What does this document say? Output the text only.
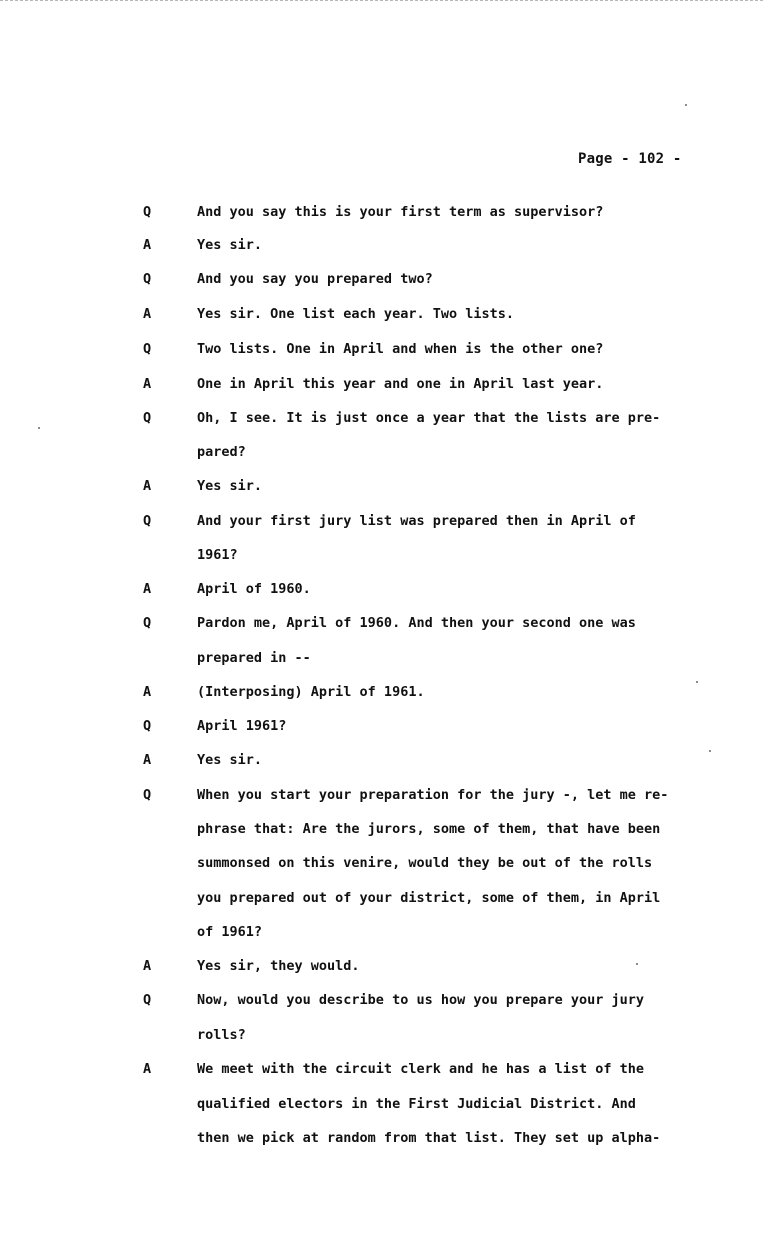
Page - 102 -
Q	And you say this is your first term as supervisor?
A	Yes sir.
Q	And you say you prepared two?
A	Yes sir. One list each year. Two lists.
Q	Two lists. One in April and when is the other one?
A	One in April this year and one in April last year.
Q	Oh, I see. It is just once a year that the lists are pre-
pared?
A	Yes sir.
Q	And your first jury list was prepared then in April of
1961?
A	April of 1960.
Q	Pardon me, April of 1960. And then your second one was
prepared in --
A	(Interposing) April of 1961.
Q	April 1961?
A	Yes sir.
Q	When you start your preparation for the jury -, let me re-
phrase that: Are the jurors, some of them, that have been
summonsed on this venire, would they be out of the rolls
you prepared out of your district, some of them, in April
of 1961?
A	Yes sir, they would.
Q	Now, would you describe to us how you prepare your jury
rolls?
A	We meet with the circuit clerk and he has a list of the
qualified electors in the First Judicial District. And
then we pick at random from that list. They set up alpha-
